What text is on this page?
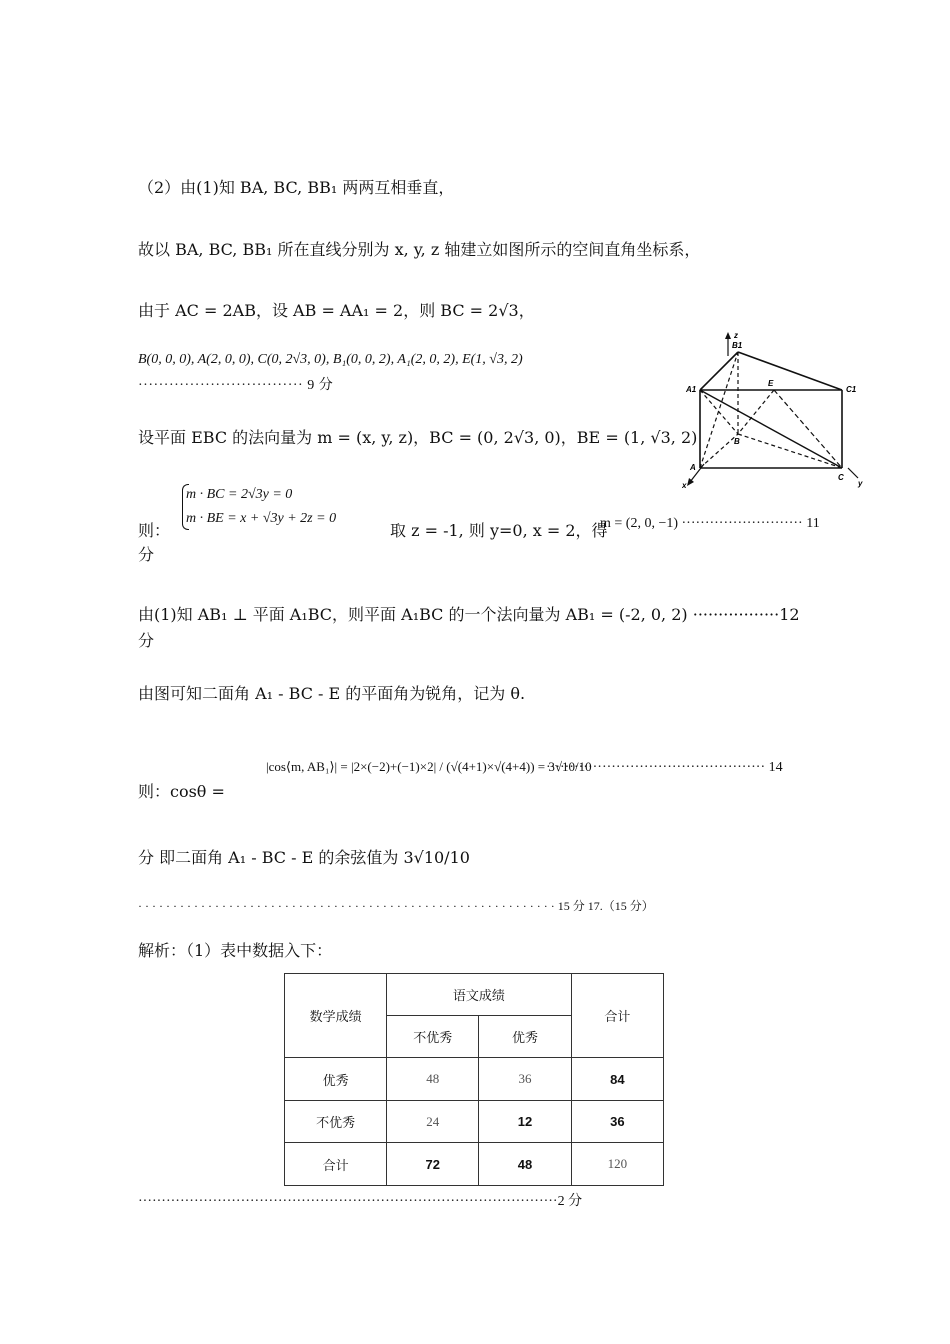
（2）由(1)知 BA, BC, BB₁ 两两互相垂直，
故以 BA, BC, BB₁ 所在直线分别为 x, y, z 轴建立如图所示的空间直角坐标系，
由于 AC = 2AB，设 AB = AA₁ = 2，则 BC = 2√3，
B(0, 0, 0), A(2, 0, 0), C(0, 2√3, 0), B₁(0, 0, 2), A₁(2, 0, 2), E(1, √3, 2)
································ 9 分
z
B1
A1
E
C1
B
A
x
C
y
设平面 EBC 的法向量为 m = (x, y, z)，BC = (0, 2√3, 0)，BE = (1, √3, 2)
m · BC = 2√3y = 0
m · BE = x + √3y + 2z = 0
则：	取 z = -1, 则 y=0, x = 2，得
m = (2, 0, −1) ·························· 11
分
由(1)知 AB₁ ⊥ 平面 A₁BC，则平面 A₁BC 的一个法向量为 AB₁ = (-2, 0, 2) ·················12
分
由图可知二面角 A₁ - BC - E 的平面角为锐角，记为 θ.
则：cosθ =
|cos⟨m, AB₁⟩| = |2×(−2)+(−1)×2| / (√(4+1)×√(4+4)) = 3√10/10
··············································· 14
分 即二面角 A₁ - BC - E 的余弦值为 3√10/10
· · · · · · · · · · · · · · · · · · · · · · · · · · · · · · · · · · · · · · · · · · · · · · · · · · · · · · · · · · · · 15 分 17.（15 分）
解析：（1）表中数据入下：
数学成绩	语文成绩		合计
	不优秀	优秀	
优秀	48	36	84
不优秀	24	12	36
合计	72	48	120
··························································································2 分
